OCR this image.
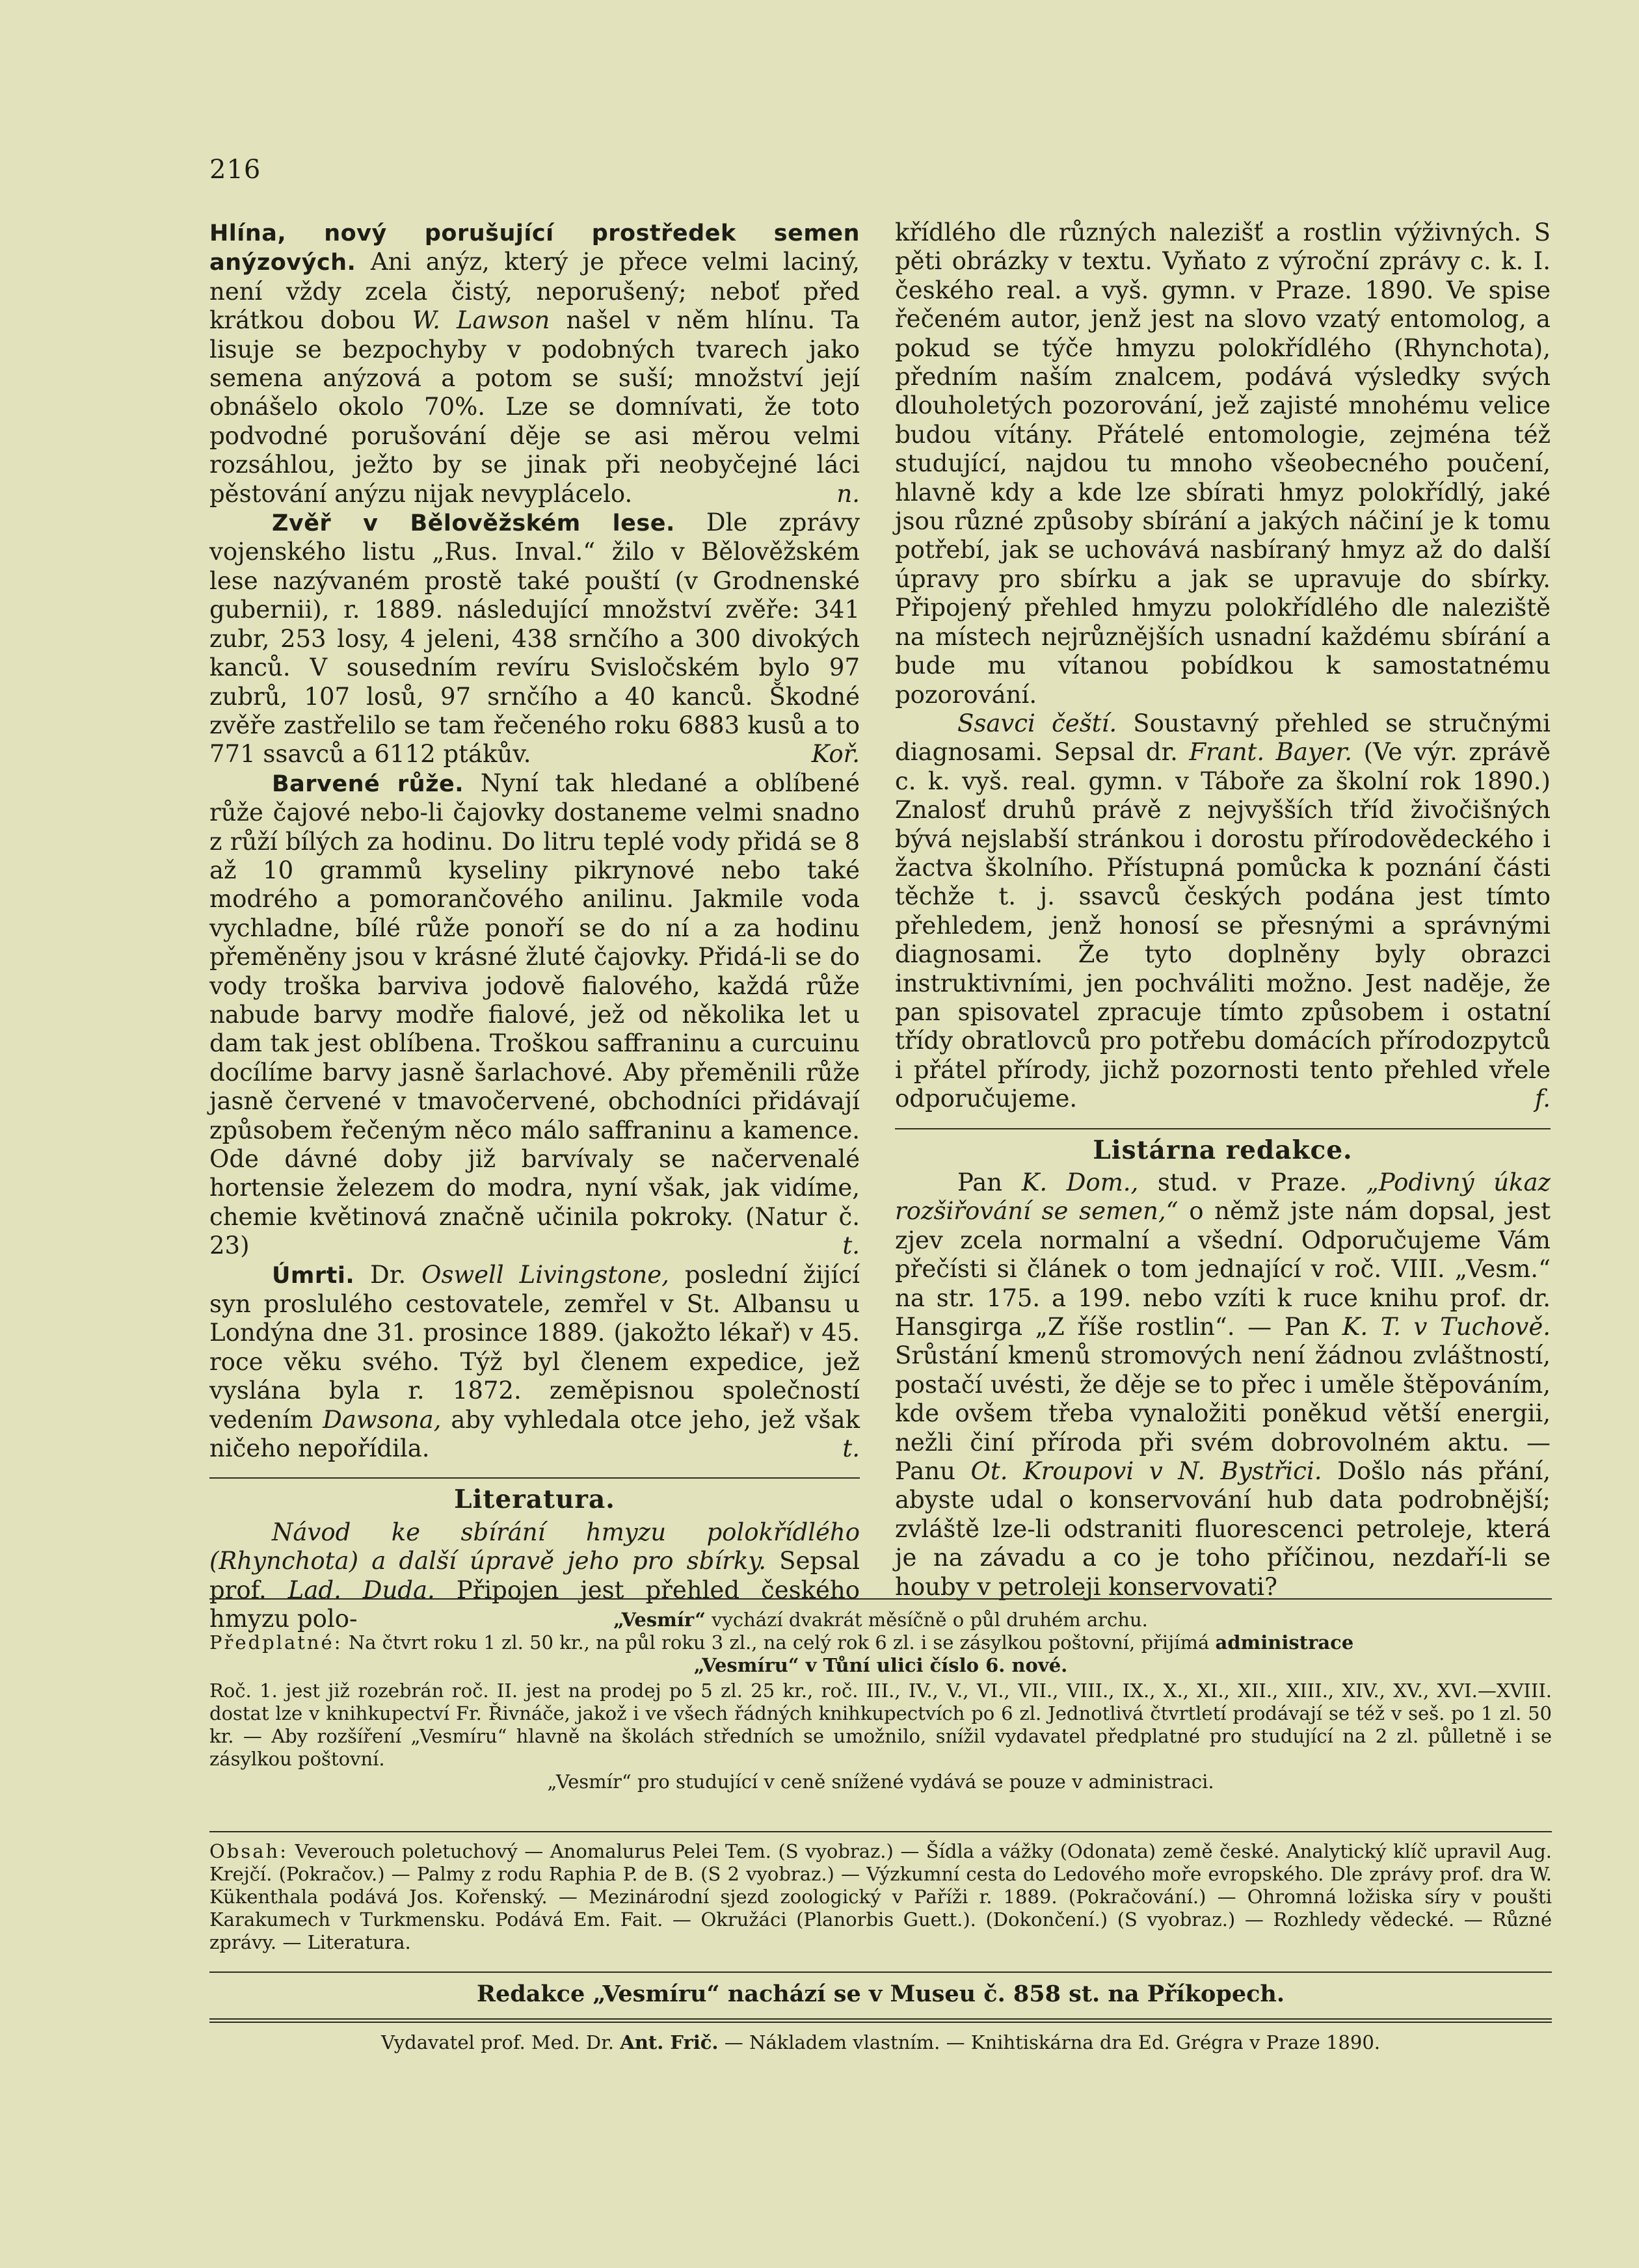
216

Hlína, nový porušující prostředek semen anýzových. Ani anýz, který je přece velmi laciný, není vždy zcela čistý, neporušený; neboť před krátkou dobou W. Lawson našel v něm hlínu. Ta lisuje se bezpochyby v podobných tvarech jako semena anýzová a potom se suší; množství její obnášelo okolo 70%. Lze se domnívati, že toto podvodné porušování děje se asi měrou velmi rozsáhlou, ježto by se jinak při neobyčejné láci pěstování anýzu nijak nevyplácelo.	n.

Zvěř v Bělověžském lese. Dle zprávy vojenského listu „Rus. Inval.“ žilo v Bělověžském lese nazývaném prostě také pouští (v Grodnenské gubernii), r. 1889. následující množství zvěře: 341 zubr, 253 losy, 4 jeleni, 438 srnčího a 300 divokých kanců. V sousedním revíru Svisločském bylo 97 zubrů, 107 losů, 97 srnčího a 40 kanců. Škodné zvěře zastřelilo se tam řečeného roku 6883 kusů a to 771 ssavců a 6112 ptákův.	Koř.

Barvené růže. Nyní tak hledané a oblíbené růže čajové nebo-li čajovky dostaneme velmi snadno z růží bílých za hodinu. Do litru teplé vody přidá se 8 až 10 grammů kyseliny pikrynové nebo také modrého a pomorančového anilinu. Jakmile voda vychladne, bílé růže ponoří se do ní a za hodinu přeměněny jsou v krásné žluté čajovky. Přidá-li se do vody troška barviva jodově fialového, každá růže nabude barvy modře fialové, jež od několika let u dam tak jest oblíbena. Troškou saffraninu a curcuinu docílíme barvy jasně šarlachové. Aby přeměnili růže jasně červené v tmavočervené, obchodníci přidávají způsobem řečeným něco málo saffraninu a kamence. Ode dávné doby již barvívaly se načervenalé hortensie železem do modra, nyní však, jak vidíme, chemie květinová značně učinila pokroky. (Natur č. 23)	t.

Úmrti. Dr. Oswell Livingstone, poslední žijící syn proslulého cestovatele, zemřel v St. Albansu u Londýna dne 31. prosince 1889. (jakožto lékař) v 45. roce věku svého. Týž byl členem expedice, jež vyslána byla r. 1872. zeměpisnou společností vedením Dawsona, aby vyhledala otce jeho, jež však ničeho nepořídila.	t.

Literatura.

Návod ke sbírání hmyzu polokřídlého (Rhynchota) a další úpravě jeho pro sbírky. Sepsal prof. Lad. Duda. Připojen jest přehled českého hmyzu polo-

křídlého dle různých nalezišť a rostlin výživných. S pěti obrázky v textu. Vyňato z výroční zprávy c. k. I. českého real. a vyš. gymn. v Praze. 1890. Ve spise řečeném autor, jenž jest na slovo vzatý entomolog, a pokud se týče hmyzu polokřídlého (Rhynchota), předním naším znalcem, podává výsledky svých dlouholetých pozorování, jež zajisté mnohému velice budou vítány. Přátelé entomologie, zejména též studující, najdou tu mnoho všeobecného poučení, hlavně kdy a kde lze sbírati hmyz polokřídlý, jaké jsou různé způsoby sbírání a jakých náčiní je k tomu potřebí, jak se uchovává nasbíraný hmyz až do další úpravy pro sbírku a jak se upravuje do sbírky. Připojený přehled hmyzu polokřídlého dle naleziště na místech nejrůznějších usnadní každému sbírání a bude mu vítanou pobídkou k samostatnému pozorování.

Ssavci čeští. Soustavný přehled se stručnými diagnosami. Sepsal dr. Frant. Bayer. (Ve výr. zprávě c. k. vyš. real. gymn. v Táboře za školní rok 1890.) Znalosť druhů právě z nejvyšších tříd živočišných bývá nejslabší stránkou i dorostu přírodovědeckého i žactva školního. Přístupná pomůcka k poznání části těchže t. j. ssavců českých podána jest tímto přehledem, jenž honosí se přesnými a správnými diagnosami. Že tyto doplněny byly obrazci instruktivními, jen pochváliti možno. Jest naděje, že pan spisovatel zpracuje tímto způsobem i ostatní třídy obratlovců pro potřebu domácích přírodozpytců i přátel přírody, jichž pozornosti tento přehled vřele odporučujeme.	f.

Listárna redakce.

Pan K. Dom., stud. v Praze. „Podivný úkaz rozšiřování se semen,“ o němž jste nám dopsal, jest zjev zcela normalní a všední. Odporučujeme Vám přečísti si článek o tom jednající v roč. VIII. „Vesm.“ na str. 175. a 199. nebo vzíti k ruce knihu prof. dr. Hansgirga „Z říše rostlin“. — Pan K. T. v Tuchově. Srůstání kmenů stromových není žádnou zvláštností, postačí uvésti, že děje se to přec i uměle štěpováním, kde ovšem třeba vynaložiti poněkud větší energii, nežli činí příroda při svém dobrovolném aktu. — Panu Ot. Kroupovi v N. Bystřici. Došlo nás přání, abyste udal o konservování hub data podrobnější; zvláště lze-li odstraniti fluorescenci petroleje, která je na závadu a co je toho příčinou, nezdaří-li se houby v petroleji konservovati?

„Vesmír“ vychází dvakrát měsíčně o půl druhém archu.

Předplatné: Na čtvrt roku 1 zl. 50 kr., na půl roku 3 zl., na celý rok 6 zl. i se zásylkou poštovní, přijímá administrace

„Vesmíru“ v Tůní ulici číslo 6. nové.

Roč. 1. jest již rozebrán roč. II. jest na prodej po 5 zl. 25 kr., roč. III., IV., V., VI., VII., VIII., IX., X., XI., XII., XIII., XIV., XV., XVI.—XVIII. dostat lze v knihkupectví Fr. Řivnáče, jakož i ve všech řádných knihkupectvích po 6 zl. Jednotlivá čtvrtletí prodávají se též v seš. po 1 zl. 50 kr. — Aby rozšíření „Vesmíru“ hlavně na školách středních se umožnilo, snížil vydavatel předplatné pro studující na 2 zl. půlletně i se zásylkou poštovní.

„Vesmír“ pro studující v ceně snížené vydává se pouze v administraci.

Obsah: Veverouch poletuchový — Anomalurus Pelei Tem. (S vyobraz.) — Šídla a vážky (Odonata) země české. Analytický klíč upravil Aug. Krejčí. (Pokračov.) — Palmy z rodu Raphia P. de B. (S 2 vyobraz.) — Výzkumní cesta do Ledového moře evropského. Dle zprávy prof. dra W. Kükenthala podává Jos. Kořenský. — Mezinárodní sjezd zoologický v Paříži r. 1889. (Pokračování.) — Ohromná ložiska síry v poušti Karakumech v Turkmensku. Podává Em. Fait. — Okružáci (Planorbis Guett.). (Dokončení.) (S vyobraz.) — Rozhledy vědecké. — Různé zprávy. — Literatura.

Redakce „Vesmíru“ nachází se v Museu č. 858 st. na Příkopech.
Vydavatel prof. Med. Dr. Ant. Frič. — Nákladem vlastním. — Knihtiskárna dra Ed. Grégra v Praze 1890.
